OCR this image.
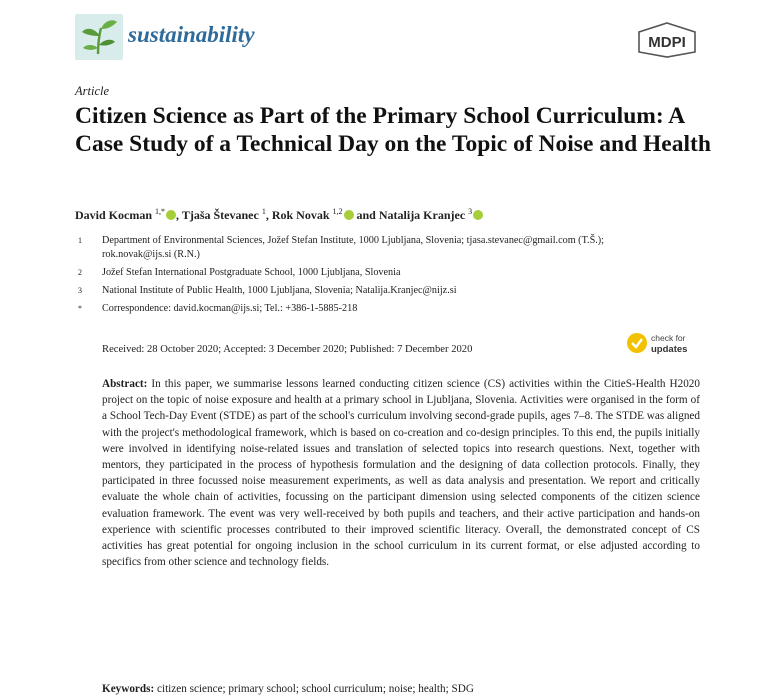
sustainability	MDPI
Article
Citizen Science as Part of the Primary School Curriculum: A Case Study of a Technical Day on the Topic of Noise and Health
David Kocman $^{1,*}$ , Tjaša Števanec $^1$, Rok Novak $^{1,2}$ and Natalija Kranjec $^3$
1	Department of Environmental Sciences, Jožef Stefan Institute, 1000 Ljubljana, Slovenia; tjasa.stevanec@gmail.com (T.Š.); rok.novak@ijs.si (R.N.)
2	Jožef Stefan International Postgraduate School, 1000 Ljubljana, Slovenia
3	National Institute of Public Health, 1000 Ljubljana, Slovenia; Natalija.Kranjec@nijz.si
*	Correspondence: david.kocman@ijs.si; Tel.: +386-1-5885-218
Received: 28 October 2020; Accepted: 3 December 2020; Published: 7 December 2020
check for
updates
Abstract: In this paper, we summarise lessons learned conducting citizen science (CS) activities within the CitieS-Health H2020 project on the topic of noise exposure and health at a primary school in Ljubljana, Slovenia. Activities were organised in the form of a School Tech-Day Event (STDE) as part of the school's curriculum involving second-grade pupils, ages 7–8. The STDE was aligned with the project's methodological framework, which is based on co-creation and co-design principles. To this end, the pupils initially were involved in identifying noise-related issues and translation of selected topics into research questions. Next, together with mentors, they participated in the process of hypothesis formulation and the designing of data collection protocols. Finally, they participated in three focussed noise measurement experiments, as well as data analysis and presentation. We report and critically evaluate the whole chain of activities, focussing on the participant dimension using selected components of the citizen science evaluation framework. The event was very well-received by both pupils and teachers, and their active participation and hands-on experience with scientific processes contributed to their improved scientific literacy. Overall, the demonstrated concept of CS activities has great potential for ongoing inclusion in the school curriculum in its current format, or else adjusted according to specifics from other science and technology fields.
Keywords: citizen science; primary school; school curriculum; noise; health; SDG
